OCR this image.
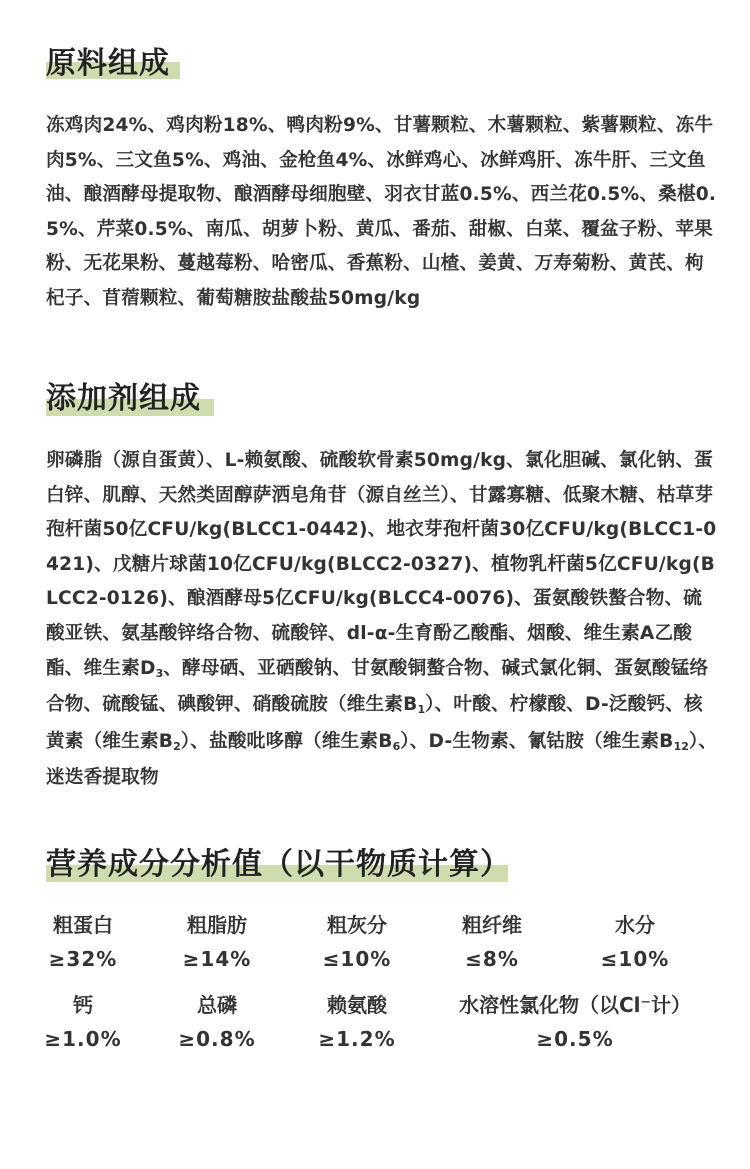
原料组成

冻鸡肉24%、鸡肉粉18%、鸭肉粉9%、甘薯颗粒、木薯颗粒、紫薯颗粒、冻牛肉5%、三文鱼5%、鸡油、金枪鱼4%、冰鲜鸡心、冰鲜鸡肝、冻牛肝、三文鱼油、酿酒酵母提取物、酿酒酵母细胞壁、羽衣甘蓝0.5%、西兰花0.5%、桑椹0.5%、芹菜0.5%、南瓜、胡萝卜粉、黄瓜、番茄、甜椒、白菜、覆盆子粉、苹果粉、无花果粉、蔓越莓粉、哈密瓜、香蕉粉、山楂、姜黄、万寿菊粉、黄芪、枸杞子、苜蓿颗粒、葡萄糖胺盐酸盐50mg/kg

添加剂组成

卵磷脂（源自蛋黄）、L-赖氨酸、硫酸软骨素50mg/kg、氯化胆碱、氯化钠、蛋白锌、肌醇、天然类固醇萨洒皂角苷（源自丝兰）、甘露寡糖、低聚木糖、枯草芽孢杆菌50亿CFU/kg(BLCC1-0442)、地衣芽孢杆菌30亿CFU/kg(BLCC1-0421)、戊糖片球菌10亿CFU/kg(BLCC2-0327)、植物乳杆菌5亿CFU/kg(BLCC2-0126)、酿酒酵母5亿CFU/kg(BLCC4-0076)、蛋氨酸铁螯合物、硫酸亚铁、氨基酸锌络合物、硫酸锌、dl-α-生育酚乙酸酯、烟酸、维生素A乙酸酯、维生素D3、酵母硒、亚硒酸钠、甘氨酸铜螯合物、碱式氯化铜、蛋氨酸锰络合物、硫酸锰、碘酸钾、硝酸硫胺（维生素B1）、叶酸、柠檬酸、D-泛酸钙、核黄素（维生素B2）、盐酸吡哆醇（维生素B6）、D-生物素、氰钴胺（维生素B12）、迷迭香提取物

营养成分分析值（以干物质计算）
粗蛋白
≥32%
粗脂肪
≥14%
粗灰分
≤10%
粗纤维
≤8%
水分
≤10%
钙
≥1.0%
总磷
≥0.8%
赖氨酸
≥1.2%
水溶性氯化物（以Cl⁻计）
≥0.5%
